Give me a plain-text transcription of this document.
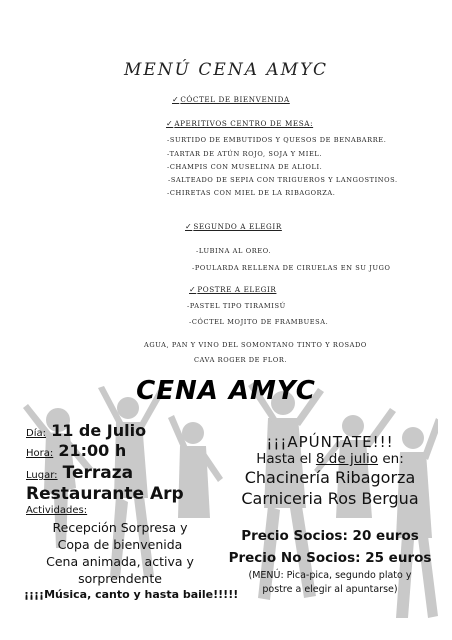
MENÚ CENA AMYC
✓CÓCTEL DE BIENVENIDA
✓APERITIVOS CENTRO DE MESA:
-SURTIDO DE EMBUTIDOS Y QUESOS DE BENABARRE.
-TARTAR DE ATÚN ROJO, SOJA Y MIEL.
-CHAMPIS CON MUSELINA DE ALIOLI.
-SALTEADO DE SEPIA CON TRIGUEROS Y LANGOSTINOS.
-CHIRETAS CON MIEL DE LA RIBAGORZA.
✓SEGUNDO A ELEGIR
-LUBINA AL OREO.
-POULARDA RELLENA DE CIRUELAS EN SU JUGO
✓POSTRE A ELEGIR
-PASTEL TIPO TIRAMISÚ
-CÓCTEL MOJITO DE FRAMBUESA.
AGUA, PAN Y VINO DEL SOMONTANO TINTO Y ROSADO
CAVA ROGER DE FLOR.
CENA AMYC
Día: 11 de Julio
Hora: 21:00 h
Lugar: Terraza
Restaurante Arp
Actividades:
Recepción Sorpresa y
Copa de bienvenida
Cena animada, activa y
sorprendente
¡¡¡¡Música, canto y hasta baile!!!!!
¡¡¡APÚNTATE!!!
Hasta el 8 de julio en:
Chacinería Ribagorza
Carniceria Ros Bergua
Precio Socios: 20 euros
Precio No Socios: 25 euros
(MENÚ: Pica-pica, segundo plato y
postre a elegir al apuntarse)
